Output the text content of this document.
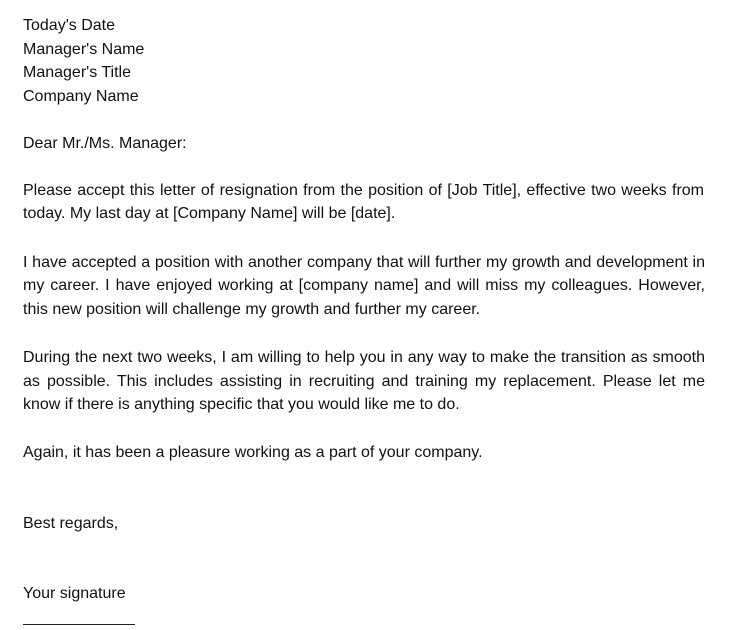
Today's Date

Manager's Name

Manager's Title

Company Name

Dear Mr./Ms. Manager:

Please accept this letter of resignation from the position of [Job Title], effective two weeks from today. My last day at [Company Name] will be [date].

I have accepted a position with another company that will further my growth and development in my career. I have enjoyed working at [company name] and will miss my colleagues. However, this new position will challenge my growth and further my career.

During the next two weeks, I am willing to help you in any way to make the transition as smooth as possible. This includes assisting in recruiting and training my replacement. Please let me know if there is anything specific that you would like me to do.

Again, it has been a pleasure working as a part of your company.

Best regards,

Your signature
